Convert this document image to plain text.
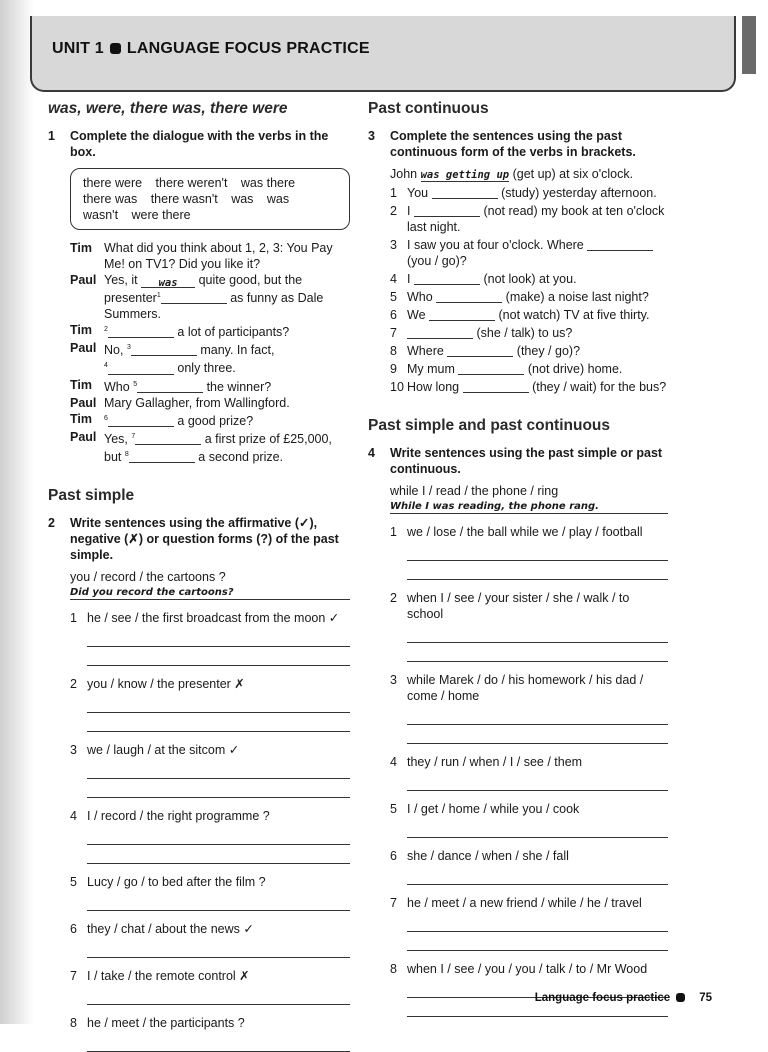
UNIT 1 LANGUAGE FOCUS PRACTICE
was, were, there was, there were
1	Complete the dialogue with the verbs in the box.
there were there weren't was there
there was there wasn't was was
wasn't were there
Tim What did you think about 1, 2, 3: You Pay Me! on TV1? Did you like it?
Paul Yes, it was quite good, but the presenter$^1$	as funny as Dale Summers.
Tim	$^2$	a lot of participants?
Paul No, $^3$	many. In fact,
$^4$	only three.
Tim Who $^5$	the winner?
Paul Mary Gallagher, from Wallingford.
Tim	$^6$	a good prize?
Paul Yes, $^7$	a first prize of £25,000, but $^8$	a second prize.
Past simple
2	Write sentences using the affirmative (✓), negative (✗) or question forms (?) of the past simple.
you / record / the cartoons ?
Did you record the cartoons?
1 he / see / the first broadcast from the moon ✓
2 you / know / the presenter ✗
3 we / laugh / at the sitcom ✓
4 I / record / the right programme ?
5 Lucy / go / to bed after the film ?
6 they / chat / about the news ✓
7 I / take / the remote control ✗
8 he / meet / the participants ?
Past continuous
3	Complete the sentences using the past continuous form of the verbs in brackets.
John was getting up (get up) at six o'clock.
1 You	(study) yesterday afternoon.
2 I	(not read) my book at ten o'clock last night.
3 I saw you at four o'clock. Where  (you / go)?
4 I	(not look) at you.
5 Who	(make) a noise last night?
6 We	(not watch) TV at five thirty.
7	(she / talk) to us?
8 Where	(they / go)?
9 My mum	(not drive) home.
10 How long	(they / wait) for the bus?
Past simple and past continuous
4	Write sentences using the past simple or past continuous.
while I / read / the phone / ring
While I was reading, the phone rang.
1 we / lose / the ball while we / play / football
2 when I / see / your sister / she / walk / to school
3 while Marek / do / his homework / his dad / come / home
4 they / run / when / I / see / them
5 I / get / home / while you / cook
6 she / dance / when / she / fall
7 he / meet / a new friend / while / he / travel
8 when I / see / you / you / talk / to / Mr Wood
Language focus practice	75
